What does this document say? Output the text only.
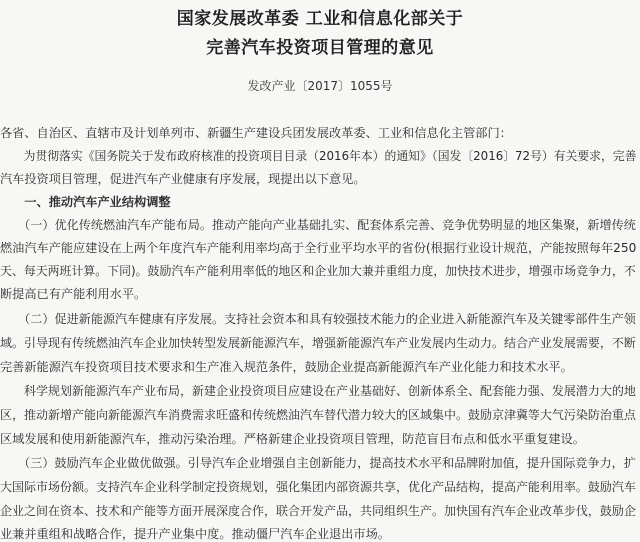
国家发展改革委 工业和信息化部关于
完善汽车投资项目管理的意见
发改产业〔2017〕1055号
各省、自治区、直辖市及计划单列市、新疆生产建设兵团发展改革委、工业和信息化主管部门：
　　为贯彻落实《国务院关于发布政府核准的投资项目目录（2016年本）的通知》（国发〔2016〕72号）有关要求，完善
汽车投资项目管理，促进汽车产业健康有序发展，现提出以下意见。
　　一、推动汽车产业结构调整
　　（一）优化传统燃油汽车产能布局。推动产能向产业基础扎实、配套体系完善、竞争优势明显的地区集聚，新增传统
燃油汽车产能应建设在上两个年度汽车产能利用率均高于全行业平均水平的省份(根据行业设计规范，产能按照每年250
天、每天两班计算。下同)。鼓励汽车产能利用率低的地区和企业加大兼并重组力度，加快技术进步，增强市场竞争力，不
断提高已有产能利用水平。
　　（二）促进新能源汽车健康有序发展。支持社会资本和具有较强技术能力的企业进入新能源汽车及关键零部件生产领
域。引导现有传统燃油汽车企业加快转型发展新能源汽车，增强新能源汽车产业发展内生动力。结合产业发展需要，不断
完善新能源汽车投资项目技术要求和生产准入规范条件，鼓励企业提高新能源汽车产业化能力和技术水平。
　　科学规划新能源汽车产业布局，新建企业投资项目应建设在产业基础好、创新体系全、配套能力强、发展潜力大的地
区，推动新增产能向新能源汽车消费需求旺盛和传统燃油汽车替代潜力较大的区域集中。鼓励京津冀等大气污染防治重点
区域发展和使用新能源汽车，推动污染治理。严格新建企业投资项目管理，防范盲目布点和低水平重复建设。
　　（三）鼓励汽车企业做优做强。引导汽车企业增强自主创新能力，提高技术水平和品牌附加值，提升国际竞争力，扩
大国际市场份额。支持汽车企业科学制定投资规划，强化集团内部资源共享，优化产品结构，提高产能利用率。鼓励汽车
企业之间在资本、技术和产能等方面开展深度合作，联合开发产品，共同组织生产。加快国有汽车企业改革步伐，鼓励企
业兼并重组和战略合作，提升产业集中度。推动僵尸汽车企业退出市场。
